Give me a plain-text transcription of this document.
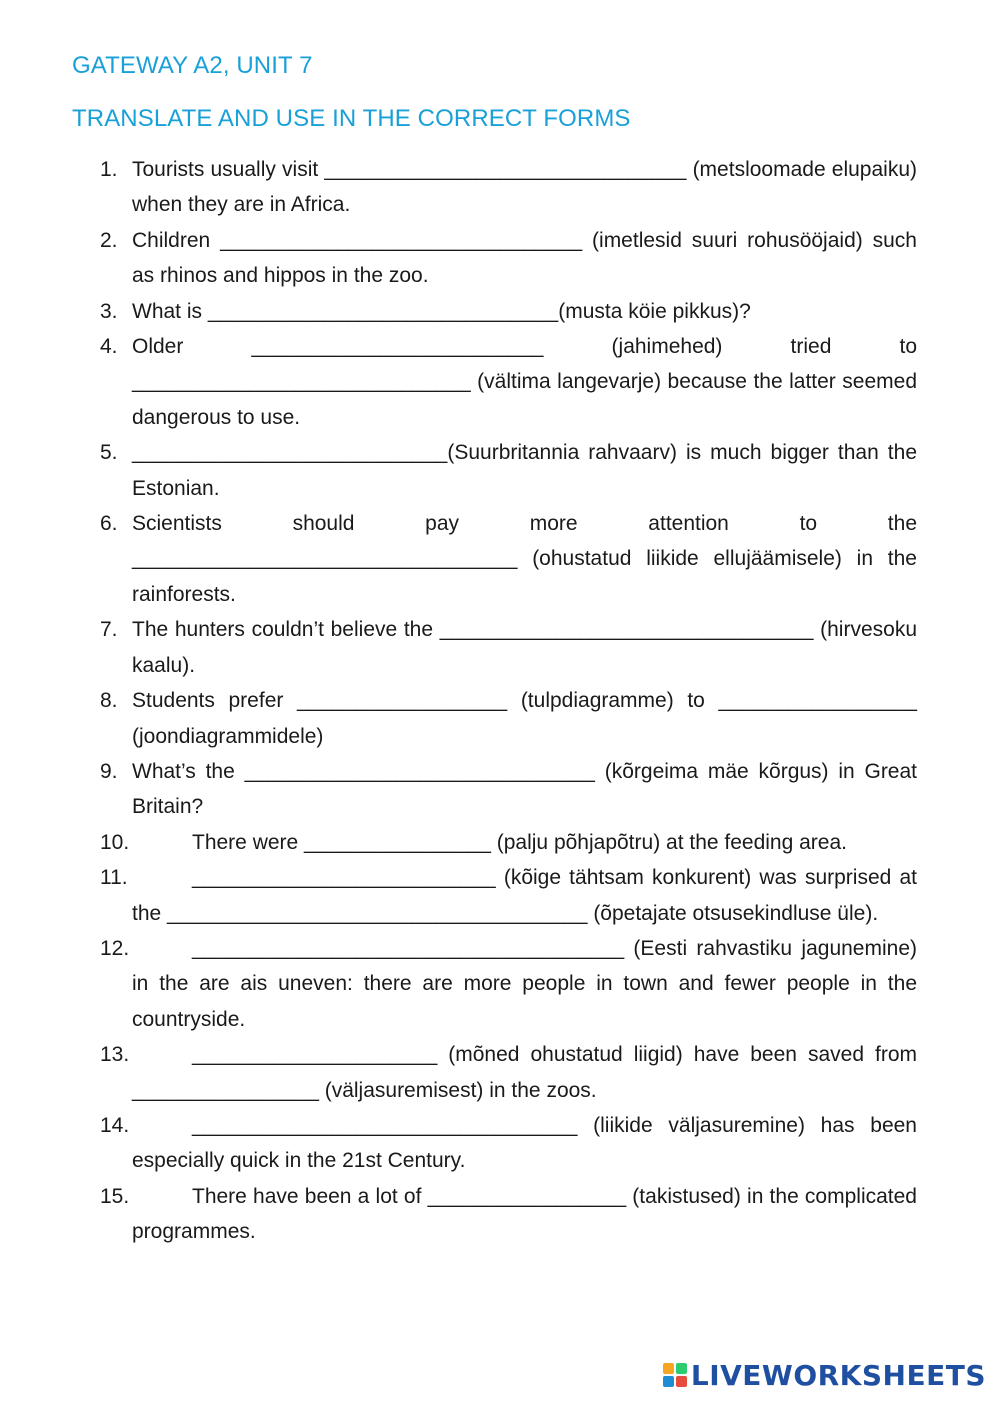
GATEWAY A2, UNIT 7
TRANSLATE AND USE IN THE CORRECT FORMS
1. Tourists usually visit _______________________________ (metsloomade elupaiku) when they are in Africa.
2. Children _______________________________ (imetlesid suuri rohusööjaid) such as rhinos and hippos in the zoo.
3. What is ______________________________(musta köie pikkus)?
4. Older _________________________ (jahimehed) tried to _____________________________ (vältima langevarje) because the latter seemed dangerous to use.
5. ___________________________(Suurbritannia rahvaarv) is much bigger than the Estonian.
6. Scientists should pay more attention to the _________________________________ (ohustatud liikide ellujäämisele) in the rainforests.
7. The hunters couldn’t believe the ________________________________ (hirvesoku kaalu).
8. Students prefer __________________ (tulpdiagramme) to _________________ (joondiagrammidele)
9. What’s the ______________________________ (kõrgeima mäe kõrgus) in Great Britain?
10.	There were ________________ (palju põhjapõtru) at the feeding area.
11.	__________________________ (kõige tähtsam konkurent) was surprised at the ____________________________________ (õpetajate otsusekindluse üle).
12.	_____________________________________ (Eesti rahvastiku jagunemine) in the are ais uneven: there are more people in town and fewer people in the countryside.
13.	_____________________ (mõned ohustatud liigid) have been saved from ________________ (väljasuremisest) in the zoos.
14.	_________________________________ (liikide väljasuremine) has been especially quick in the 21st Century.
15.	There have been a lot of _________________ (takistused) in the complicated programmes.
LIVEWORKSHEETS
